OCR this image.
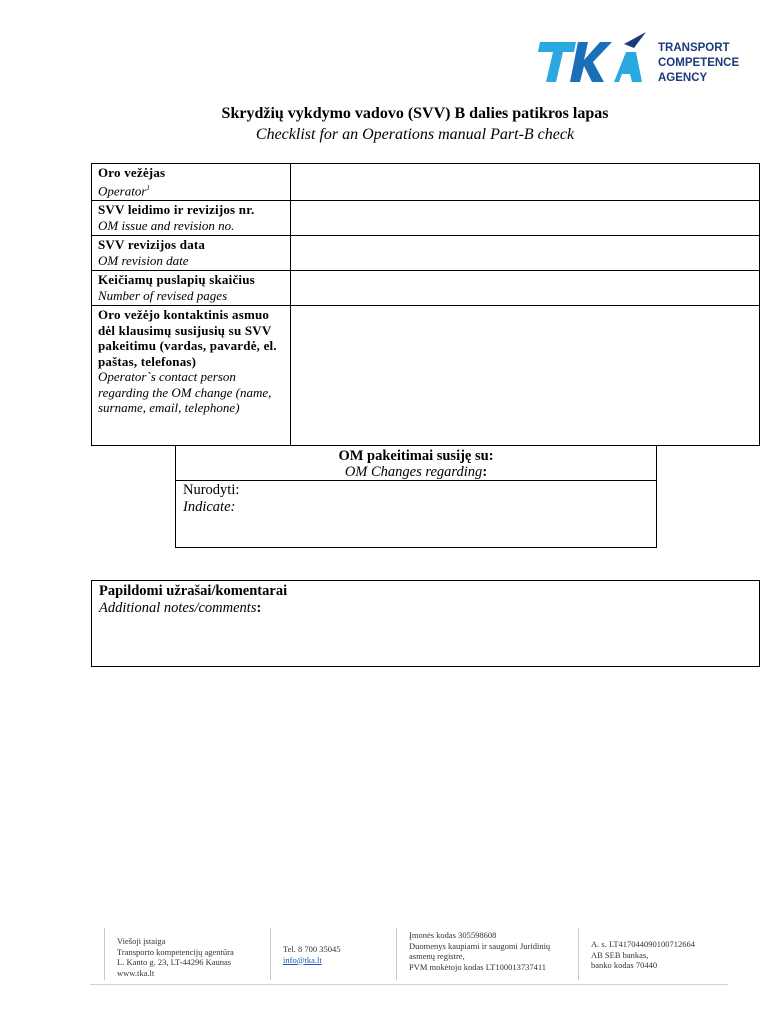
TRANSPORT
COMPETENCE
AGENCY
Skrydžių vykdymo vadovo (SVV) B dalies patikros lapas
Checklist for an Operations manual Part-B check
Oro vežėjas
Operator$^1$

SVV leidimo ir revizijos nr.
OM issue and revision no.	

SVV revizijos data
OM revision date	

Keičiamų puslapių skaičius
Number of revised pages	

Oro vežėjo kontaktinis asmuo dėl klausimų susijusių su SVV pakeitimu (vardas, pavardė, el. paštas, telefonas)
Operator`s contact person regarding the OM change (name, surname, email, telephone)	

OM pakeitimai susiję su:
OM Changes regarding:
Nurodyti:
Indicate:
Papildomi užrašai/komentarai
Additional notes/comments:
Viešoji įstaiga
Transporto kompetencijų agentūra
L. Kanto g. 23, LT-44296 Kaunas
www.tka.lt
Tel. 8 700 35045
info@tka.lt
Įmonės kodas 305598608
Duomenys kaupiami ir saugomi Juridinių
asmenų registre,
PVM mokėtojo kodas LT100013737411
A. s. LT417044090100712664
AB SEB bankas,
banko kodas 70440
